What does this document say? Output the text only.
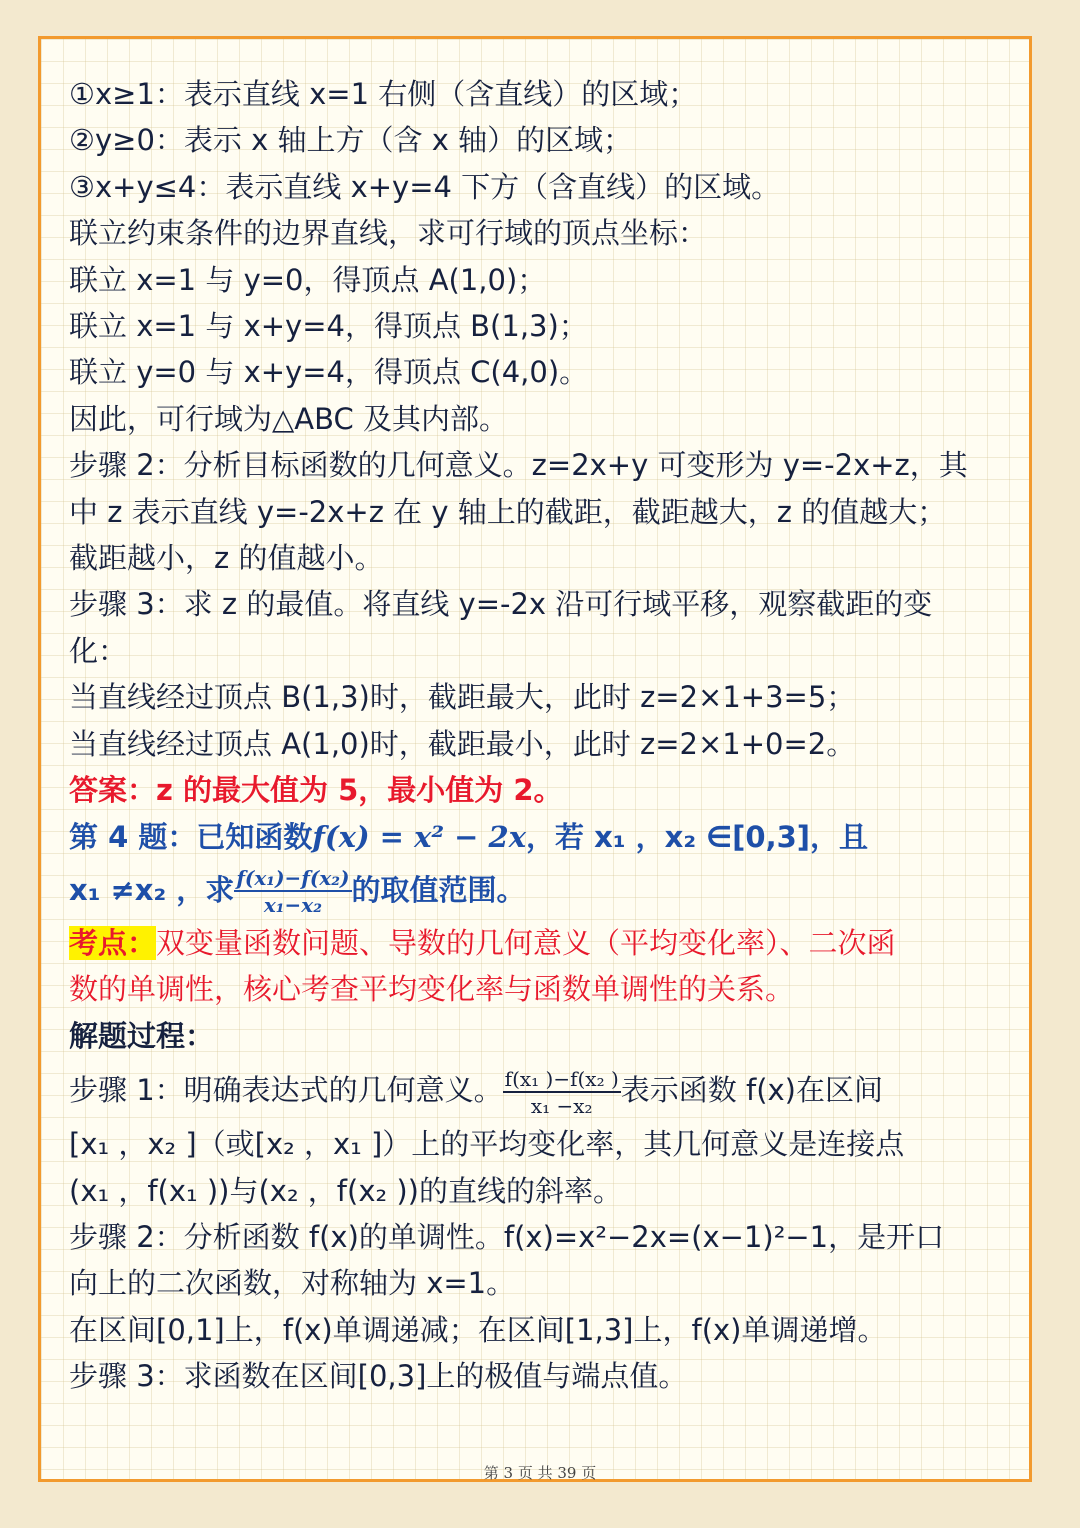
①x≥1：表示直线 x=1 右侧（含直线）的区域；
②y≥0：表示 x 轴上方（含 x 轴）的区域；
③x+y≤4：表示直线 x+y=4 下方（含直线）的区域。
联立约束条件的边界直线，求可行域的顶点坐标：
联立 x=1 与 y=0，得顶点 A(1,0)；
联立 x=1 与 x+y=4，得顶点 B(1,3)；
联立 y=0 与 x+y=4，得顶点 C(4,0)。
因此，可行域为△ABC 及其内部。
步骤 2：分析目标函数的几何意义。z=2x+y 可变形为 y=-2x+z，其
中 z 表示直线 y=-2x+z 在 y 轴上的截距，截距越大，z 的值越大；
截距越小，z 的值越小。
步骤 3：求 z 的最值。将直线 y=-2x 沿可行域平移，观察截距的变
化：
当直线经过顶点 B(1,3)时，截距最大，此时 z=2×1+3=5；
当直线经过顶点 A(1,0)时，截距最小，此时 z=2×1+0=2。
答案：z 的最大值为 5，最小值为 2。
第 4 题：已知函数f(x) = x² − 2x，若 x₁ ，x₂ ∈[0,3]，且
x₁ ≠x₂ ，求 $\frac{\text{f(x₁)−f(x₂)}}{\text{x₁−x₂}}$ 的取值范围。
考点：双变量函数问题、导数的几何意义（平均变化率）、二次函
数的单调性，核心考查平均变化率与函数单调性的关系。
解题过程：
步骤 1：明确表达式的几何意义。 $\frac{\text{f(x₁ )−f(x₂ )}}{\text{x₁ −x₂}}$ 表示函数 f(x)在区间
[x₁ ，x₂ ]（或[x₂ ，x₁ ]）上的平均变化率，其几何意义是连接点
(x₁ ，f(x₁ ))与(x₂ ，f(x₂ ))的直线的斜率。
步骤 2：分析函数 f(x)的单调性。f(x)=x²−2x=(x−1)²−1，是开口
向上的二次函数，对称轴为 x=1。
在区间[0,1]上，f(x)单调递减；在区间[1,3]上，f(x)单调递增。
步骤 3：求函数在区间[0,3]上的极值与端点值。
第 3 页 共 39 页
